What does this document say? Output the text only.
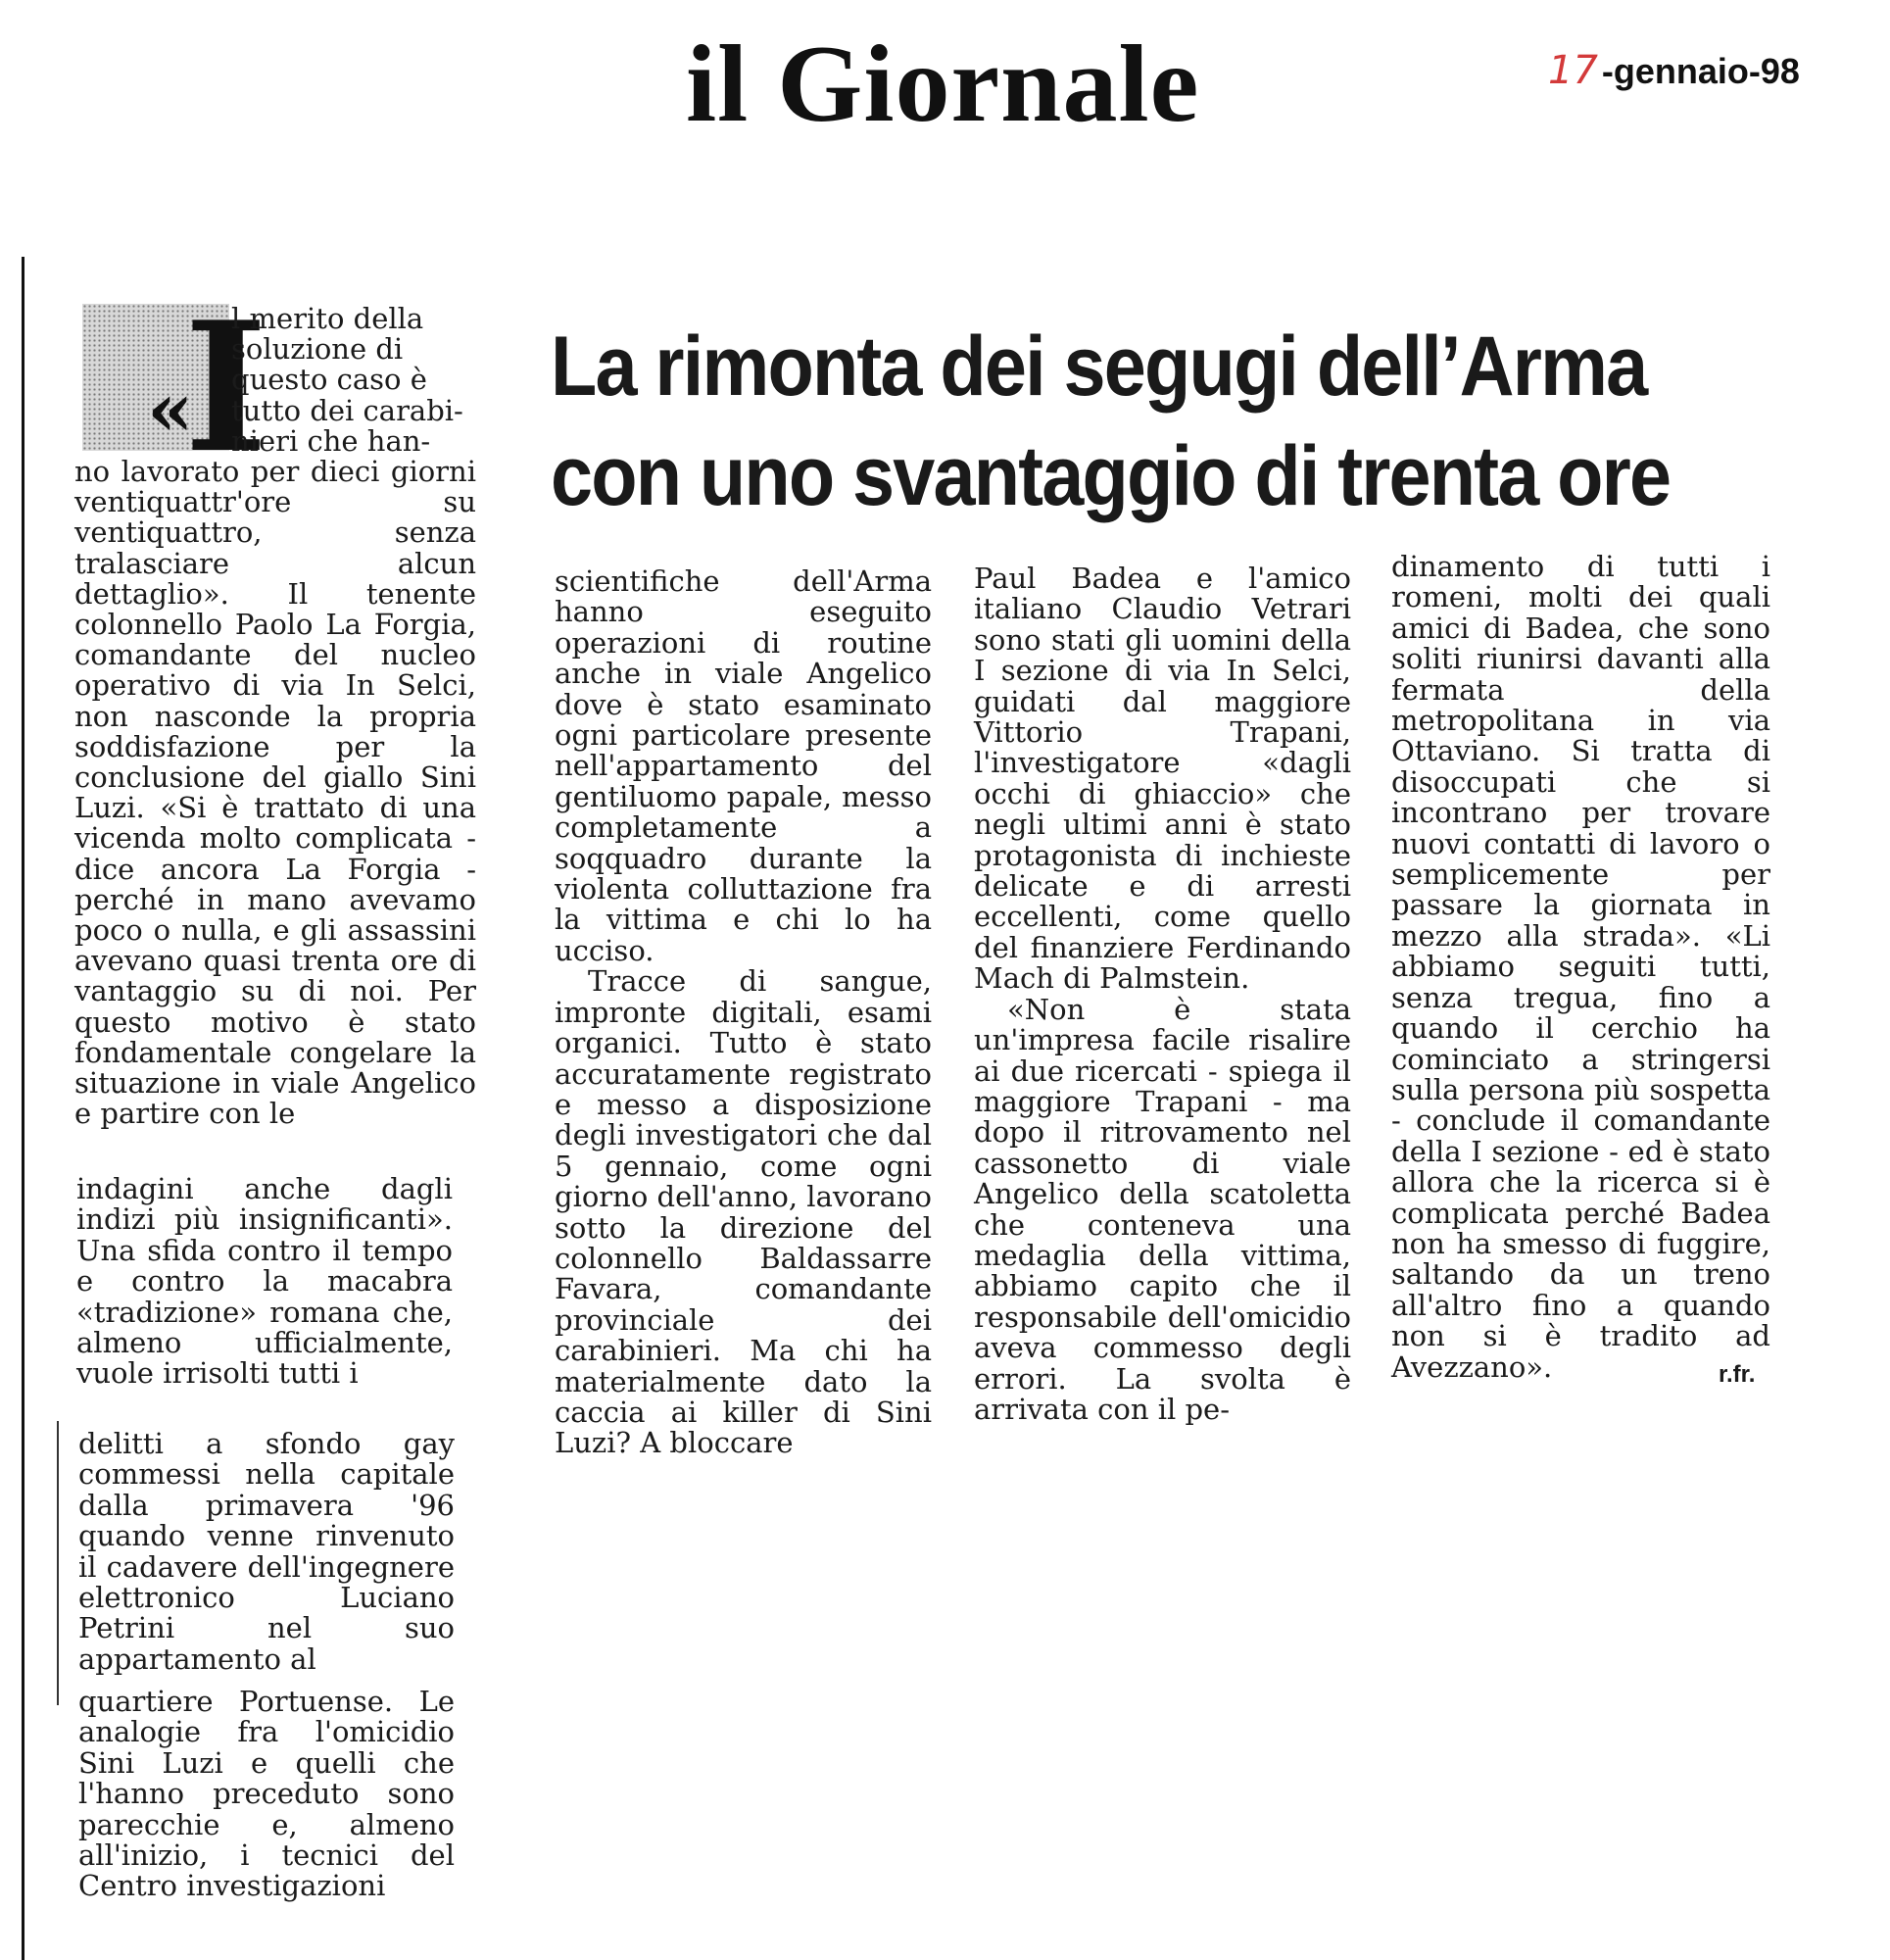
il Giornale	17 -gennaio-98
La rimonta dei segugi dell’Arma
con uno svantaggio di trenta ore
«
I
l merito della
soluzione di
questo caso è
tutto dei carabi-
nieri che han-

no lavorato per dieci giorni ventiquattr'ore su ventiquattro, senza tralasciare alcun dettaglio». Il tenente colonnello Paolo La Forgia, comandante del nucleo operativo di via In Selci, non nasconde la propria soddisfazione per la conclusione del giallo Sini Luzi. «Si è trattato di una vicenda molto complicata - dice ancora La Forgia - perché in mano avevamo poco o nulla, e gli assassini avevano quasi trenta ore di vantaggio su di noi. Per questo motivo è stato fondamentale congelare la situazione in viale Angelico e partire con le

indagini anche dagli indizi più insignificanti». Una sfida contro il tempo e contro la macabra «tradizione» romana che, almeno ufficialmente, vuole irrisolti tutti i

delitti a sfondo gay commessi nella capitale dalla primavera '96 quando venne rinvenuto il cadavere dell'ingegnere elettronico Luciano Petrini nel suo appartamento al

quartiere Portuense. Le analogie fra l'omicidio Sini Luzi e quelli che l'hanno preceduto sono parecchie e, almeno all'inizio, i tecnici del Centro investigazioni

scientifiche dell'Arma hanno eseguito operazioni di routine anche in viale Angelico dove è stato esaminato ogni particolare presente nell'appartamento del gentiluomo papale, messo completamente a soqquadro durante la violenta colluttazione fra la vittima e chi lo ha ucciso.

Tracce di sangue, impronte digitali, esami organici. Tutto è stato accuratamente registrato e messo a disposizione degli investigatori che dal 5 gennaio, come ogni giorno dell'anno, lavorano sotto la direzione del colonnello Baldassarre Favara, comandante provinciale dei carabinieri. Ma chi ha materialmente dato la caccia ai killer di Sini Luzi? A bloccare

Paul Badea e l'amico italiano Claudio Vetrari sono stati gli uomini della I sezione di via In Selci, guidati dal maggiore Vittorio Trapani, l'investigatore «dagli occhi di ghiaccio» che negli ultimi anni è stato protagonista di inchieste delicate e di arresti eccellenti, come quello del finanziere Ferdinando Mach di Palmstein.

«Non è stata un'impresa facile risalire ai due ricercati - spiega il maggiore Trapani - ma dopo il ritrovamento nel cassonetto di viale Angelico della scatoletta che conteneva una medaglia della vittima, abbiamo capito che il responsabile dell'omicidio aveva commesso degli errori. La svolta è arrivata con il pe-

dinamento di tutti i romeni, molti dei quali amici di Badea, che sono soliti riunirsi davanti alla fermata della metropolitana in via Ottaviano. Si tratta di disoccupati che si incontrano per trovare nuovi contatti di lavoro o semplicemente per passare la giornata in mezzo alla strada». «Li abbiamo seguiti tutti, senza tregua, fino a quando il cerchio ha cominciato a stringersi sulla persona più sospetta - conclude il comandante della I sezione - ed è stato allora che la ricerca si è complicata perché Badea non ha smesso di fuggire, saltando da un treno all'altro fino a quando non si è tradito ad Avezzano».	r.fr.
